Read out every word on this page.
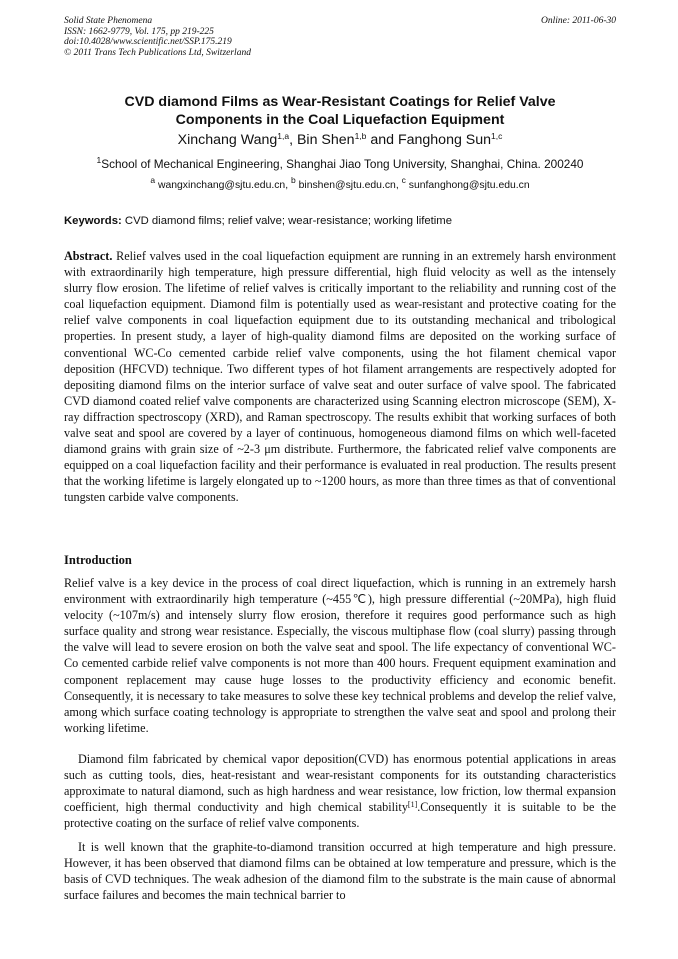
Solid State Phenomena
ISSN: 1662-9779, Vol. 175, pp 219-225
doi:10.4028/www.scientific.net/SSP.175.219
© 2011 Trans Tech Publications Ltd, Switzerland
Online: 2011-06-30
CVD diamond Films as Wear-Resistant Coatings for Relief Valve
Components in the Coal Liquefaction Equipment
Xinchang Wang$^{1,a}$, Bin Shen$^{1,b}$ and Fanghong Sun$^{1,c}$
$^1$School of Mechanical Engineering, Shanghai Jiao Tong University, Shanghai, China. 200240
$^a$ wangxinchang@sjtu.edu.cn, $^b$ binshen@sjtu.edu.cn, $^c$ sunfanghong@sjtu.edu.cn
Keywords: CVD diamond films; relief valve; wear-resistance; working lifetime
Abstract. Relief valves used in the coal liquefaction equipment are running in an extremely harsh environment with extraordinarily high temperature, high pressure differential, high fluid velocity as well as the intensely slurry flow erosion. The lifetime of relief valves is critically important to the reliability and running cost of the coal liquefaction equipment. Diamond film is potentially used as wear-resistant and protective coating for the relief valve components in coal liquefaction equipment due to its outstanding mechanical and tribological properties. In present study, a layer of high-quality diamond films are deposited on the working surface of conventional WC-Co cemented carbide relief valve components, using the hot filament chemical vapor deposition (HFCVD) technique. Two different types of hot filament arrangements are respectively adopted for depositing diamond films on the interior surface of valve seat and outer surface of valve spool. The fabricated CVD diamond coated relief valve components are characterized using Scanning electron microscope (SEM), X-ray diffraction spectroscopy (XRD), and Raman spectroscopy. The results exhibit that working surfaces of both valve seat and spool are covered by a layer of continuous, homogeneous diamond films on which well-faceted diamond grains with grain size of ~2-3 μm distribute. Furthermore, the fabricated relief valve components are equipped on a coal liquefaction facility and their performance is evaluated in real production. The results present that the working lifetime is largely elongated up to ~1200 hours, as more than three times as that of conventional tungsten carbide valve components.
Introduction
Relief valve is a key device in the process of coal direct liquefaction, which is running in an extremely harsh environment with extraordinarily high temperature (~455℃), high pressure differential (~20MPa), high fluid velocity (~107m/s) and intensely slurry flow erosion, therefore it requires good performance such as high surface quality and strong wear resistance. Especially, the viscous multiphase flow (coal slurry) passing through the valve will lead to severe erosion on both the valve seat and spool. The life expectancy of conventional WC-Co cemented carbide relief valve components is not more than 400 hours. Frequent equipment examination and component replacement may cause huge losses to the productivity efficiency and economic benefit. Consequently, it is necessary to take measures to solve these key technical problems and develop the relief valve, among which surface coating technology is appropriate to strengthen the valve seat and spool and prolong their working lifetime.
Diamond film fabricated by chemical vapor deposition(CVD) has enormous potential applications in areas such as cutting tools, dies, heat-resistant and wear-resistant components for its outstanding characteristics approximate to natural diamond, such as high hardness and wear resistance, low friction, low thermal expansion coefficient, high thermal conductivity and high chemical stability[1].Consequently it is suitable to be the protective coating on the surface of relief valve components.
It is well known that the graphite-to-diamond transition occurred at high temperature and high pressure. However, it has been observed that diamond films can be obtained at low temperature and pressure, which is the basis of CVD techniques. The weak adhesion of the diamond film to the substrate is the main cause of abnormal surface failures and becomes the main technical barrier to
